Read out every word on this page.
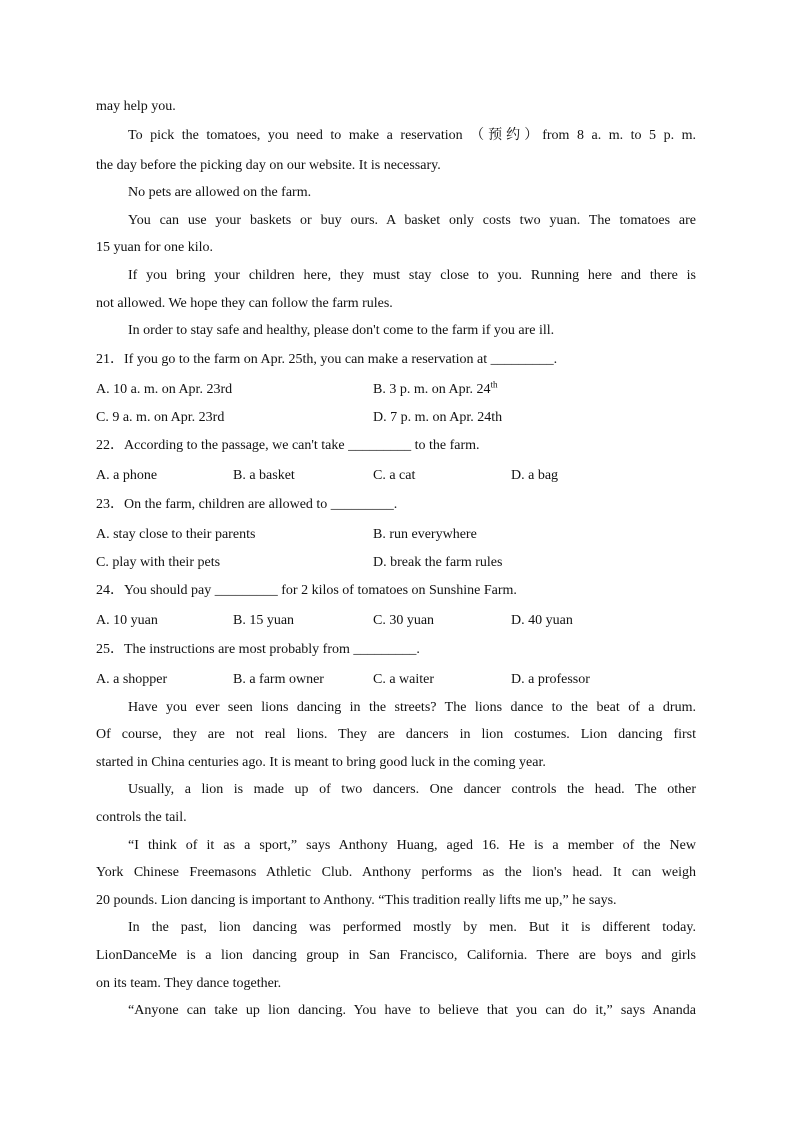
may help you.
To pick the tomatoes, you need to make a reservation （预约）from 8 a. m. to 5 p. m.
the day before the picking day on our website. It is necessary.
No pets are allowed on the farm.
You can use your baskets or buy ours. A basket only costs two yuan. The tomatoes are
15 yuan for one kilo.
If you bring your children here, they must stay close to you. Running here and there is
not allowed. We hope they can follow the farm rules.
In order to stay safe and healthy, please don't come to the farm if you are ill.
21．If you go to the farm on Apr. 25th, you can make a reservation at _________.
A. 10 a. m. on Apr. 23rd	B. 3 p. m. on Apr. 24th
C. 9 a. m. on Apr. 23rd	D. 7 p. m. on Apr. 24th
22．According to the passage, we can't take _________ to the farm.
A. a phone	B. a basket	C. a cat	D. a bag
23．On the farm, children are allowed to _________.
A. stay close to their parents	B. run everywhere
C. play with their pets	D. break the farm rules
24．You should pay _________ for 2 kilos of tomatoes on Sunshine Farm.
A. 10 yuan	B. 15 yuan	C. 30 yuan	D. 40 yuan
25．The instructions are most probably from _________.
A. a shopper	B. a farm owner	C. a waiter	D. a professor
Have you ever seen lions dancing in the streets? The lions dance to the beat of a drum.
Of course, they are not real lions. They are dancers in lion costumes. Lion dancing first
started in China centuries ago. It is meant to bring good luck in the coming year.
Usually, a lion is made up of two dancers. One dancer controls the head. The other
controls the tail.
“I think of it as a sport,” says Anthony Huang, aged 16. He is a member of the New
York Chinese Freemasons Athletic Club. Anthony performs as the lion's head. It can weigh
20 pounds. Lion dancing is important to Anthony. “This tradition really lifts me up,” he says.
In the past, lion dancing was performed mostly by men. But it is different today.
LionDanceMe is a lion dancing group in San Francisco, California. There are boys and girls
on its team. They dance together.
“Anyone can take up lion dancing. You have to believe that you can do it,” says Ananda
